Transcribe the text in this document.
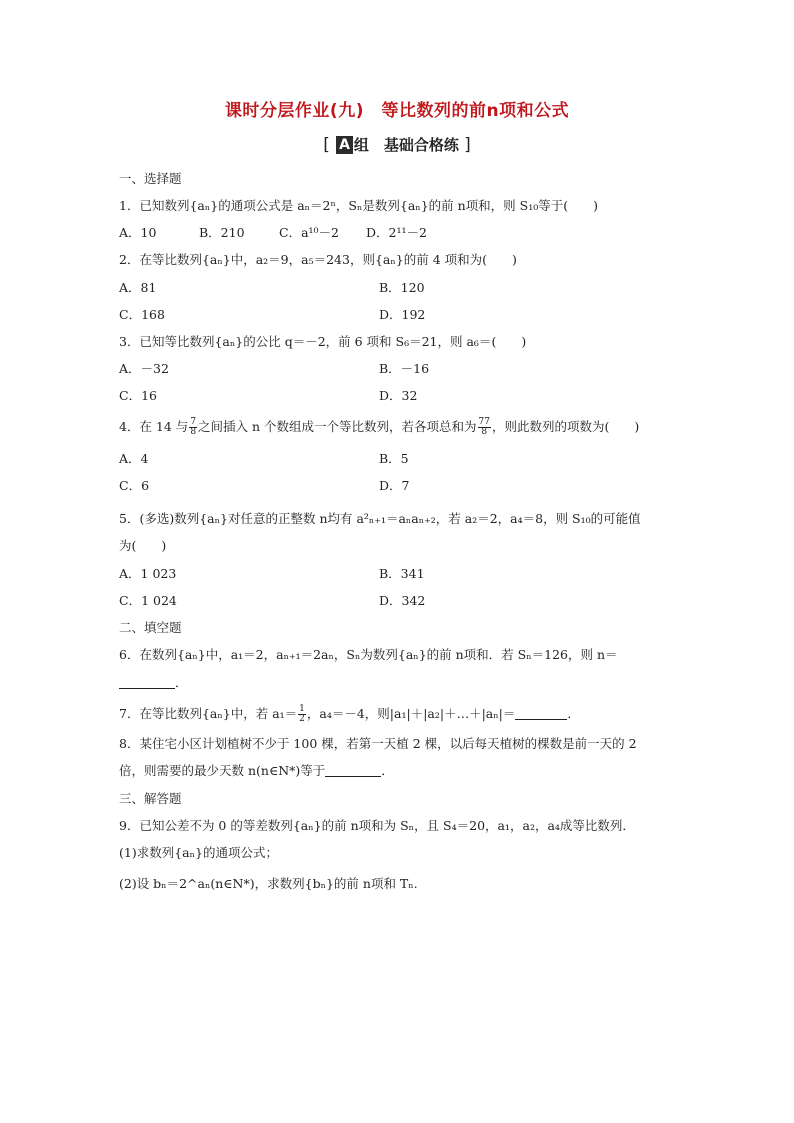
课时分层作业(九)　等比数列的前n项和公式
[ A 组　基础合格练 ]
一、选择题
1．已知数列{aₙ}的通项公式是 aₙ＝2ⁿ，Sₙ是数列{aₙ}的前 n项和，则 S₁₀等于(　　)
A．10	B．210	C．a¹⁰－2 D．2¹¹－2
2．在等比数列{aₙ}中，a₂＝9，a₅＝243，则{aₙ}的前 4 项和为(　　)
A．81	B．120
C．168	D．192
3．已知等比数列{aₙ}的公比 q＝－2，前 6 项和 S₆＝21，则 a₆＝(　　)
A．－32	B．－16
C．16	D．32
4．在 14 与 $\frac{7}{8}$ 之间插入 n 个数组成一个等比数列，若各项总和为 $\frac{77}{8}$ ，则此数列的项数为(　　)
A．4	B．5
C．6	D．7
5．(多选)数列{aₙ}对任意的正整数 n均有 a²ₙ₊₁＝aₙaₙ₊₂，若 a₂＝2，a₄＝8，则 S₁₀的可能值
为(　　)
A．1 023	B．341
C．1 024	D．342
二、填空题
6．在数列{aₙ}中，a₁＝2，aₙ₊₁＝2aₙ，Sₙ为数列{aₙ}的前 n项和．若 Sₙ＝126，则 n＝
．
7．在等比数列{aₙ}中，若 $a_1= \frac{1}{2}$ ，a₄＝－4，则|a₁|＋|a₂|＋…＋|aₙ|＝	．
8．某住宅小区计划植树不少于 100 棵，若第一天植 2 棵，以后每天植树的棵数是前一天的 2
倍，则需要的最少天数 n(n∈N*)等于	．
三、解答题
9．已知公差不为 0 的等差数列{aₙ}的前 n项和为 Sₙ，且 S₄＝20，a₁，a₂，a₄成等比数列．
(1)求数列{aₙ}的通项公式；
(2)设 bₙ＝2^aₙ(n∈N*)，求数列{bₙ}的前 n项和 Tₙ.
